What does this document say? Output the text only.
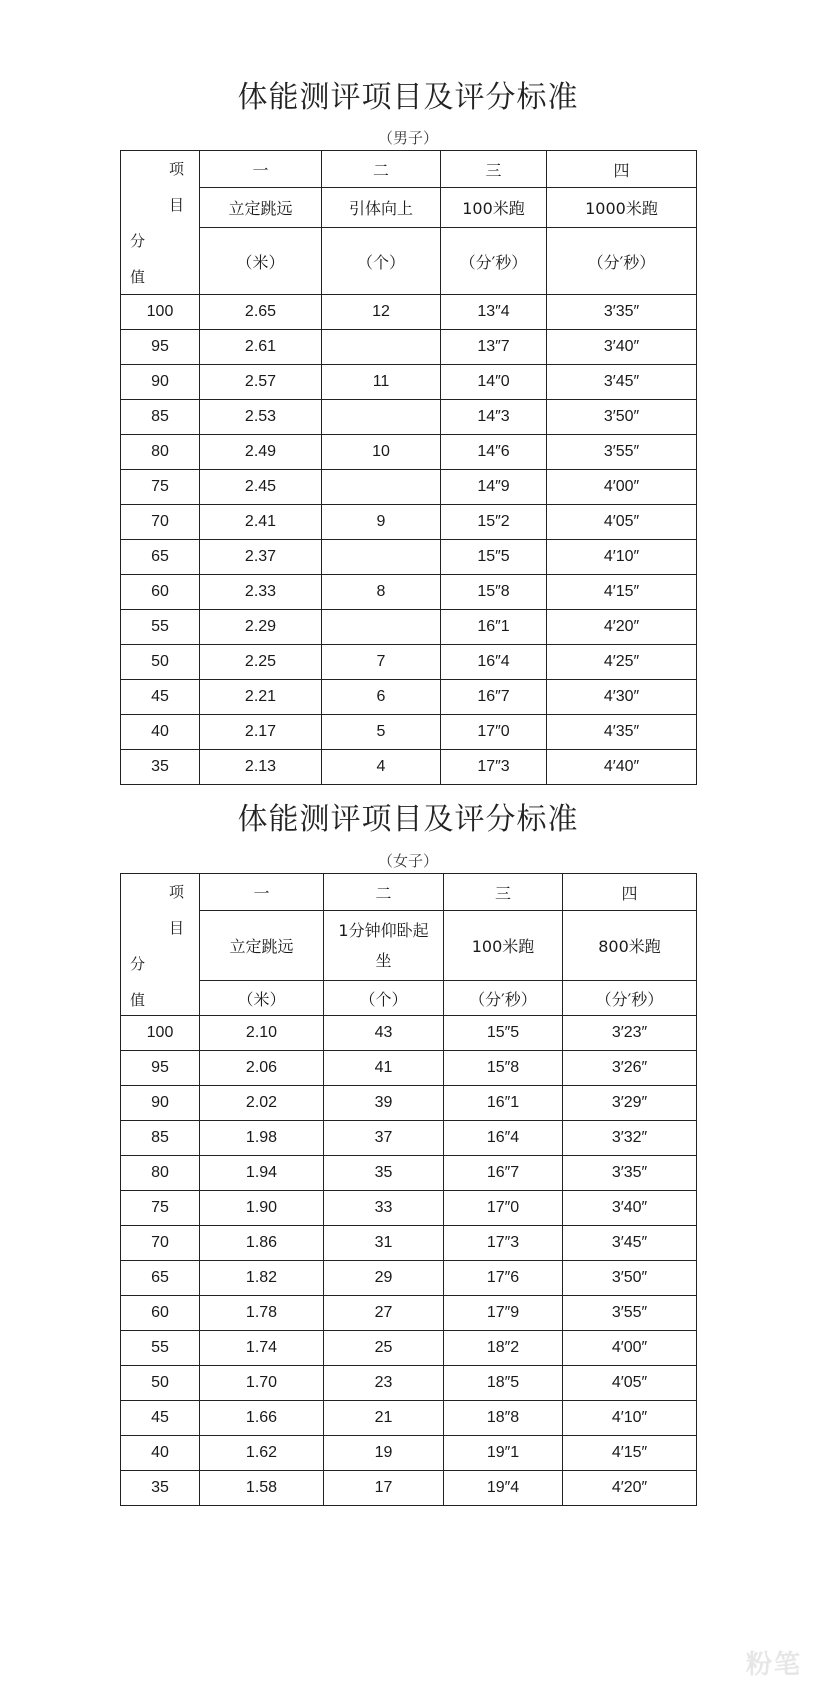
体能测评项目及评分标准
（男子）
项
目
分
值	一	二	三	四
	立定跳远	引体向上	100米跑	1000米跑
	（米）	（个）	（分′秒）	（分′秒）
100	2.65	12	13″4	3′35″
95	2.61		13″7	3′40″
90	2.57	11	14″0	3′45″
85	2.53		14″3	3′50″
80	2.49	10	14″6	3′55″
75	2.45		14″9	4′00″
70	2.41	9	15″2	4′05″
65	2.37		15″5	4′10″
60	2.33	8	15″8	4′15″
55	2.29		16″1	4′20″
50	2.25	7	16″4	4′25″
45	2.21	6	16″7	4′30″
40	2.17	5	17″0	4′35″
35	2.13	4	17″3	4′40″
体能测评项目及评分标准
（女子）
项
目
分
值	一	二	三	四
	立定跳远	1分钟仰卧起坐	100米跑	800米跑
	（米）	（个）	（分′秒）	（分′秒）
100	2.10	43	15″5	3′23″
95	2.06	41	15″8	3′26″
90	2.02	39	16″1	3′29″
85	1.98	37	16″4	3′32″
80	1.94	35	16″7	3′35″
75	1.90	33	17″0	3′40″
70	1.86	31	17″3	3′45″
65	1.82	29	17″6	3′50″
60	1.78	27	17″9	3′55″
55	1.74	25	18″2	4′00″
50	1.70	23	18″5	4′05″
45	1.66	21	18″8	4′10″
40	1.62	19	19″1	4′15″
35	1.58	17	19″4	4′20″
粉笔
